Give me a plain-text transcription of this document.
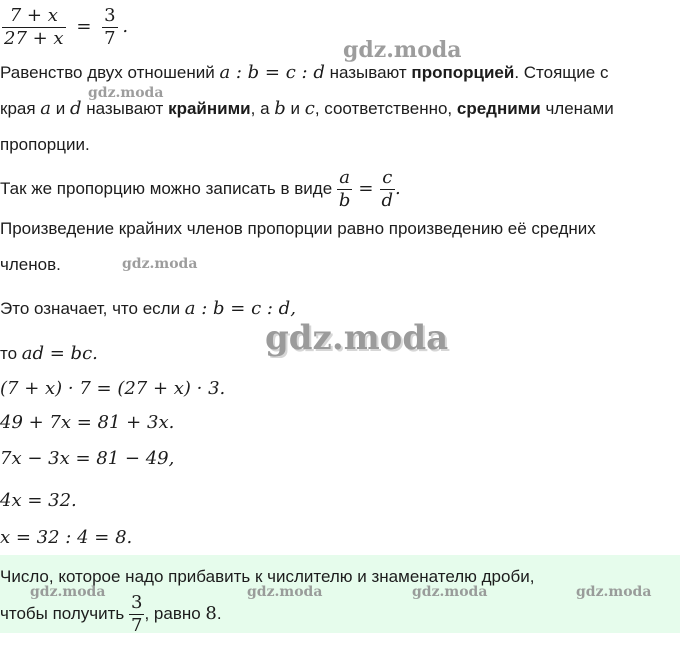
$\frac{7 + x}{27 + x} = \frac{3}{7}$ .
gdz.moda
gdz.moda
gdz.moda
gdz.moda
Равенство двух отношений a : b = c : d называют пропорцией. Стоящие с
края a и d называют крайними, а b и c, соответственно, средними членами
пропорции.
Так же пропорцию можно записать в виде $\frac{a}{b} = \frac{c}{d}$ .
Произведение крайних членов пропорции равно произведению её средних
членов.
Это означает, что если a : b = c : d,
то ad = bc.
(7 + x) · 7 = (27 + x) · 3.
49 + 7x = 81 + 3x.
7x − 3x = 81 − 49,
4x = 32.
x = 32 : 4 = 8.
Число, которое надо прибавить к числителю и знаменателю дроби,
gdz.moda	gdz.moda	gdz.moda	gdz.moda
чтобы получить $\frac{3}{7}$ , равно 8.
